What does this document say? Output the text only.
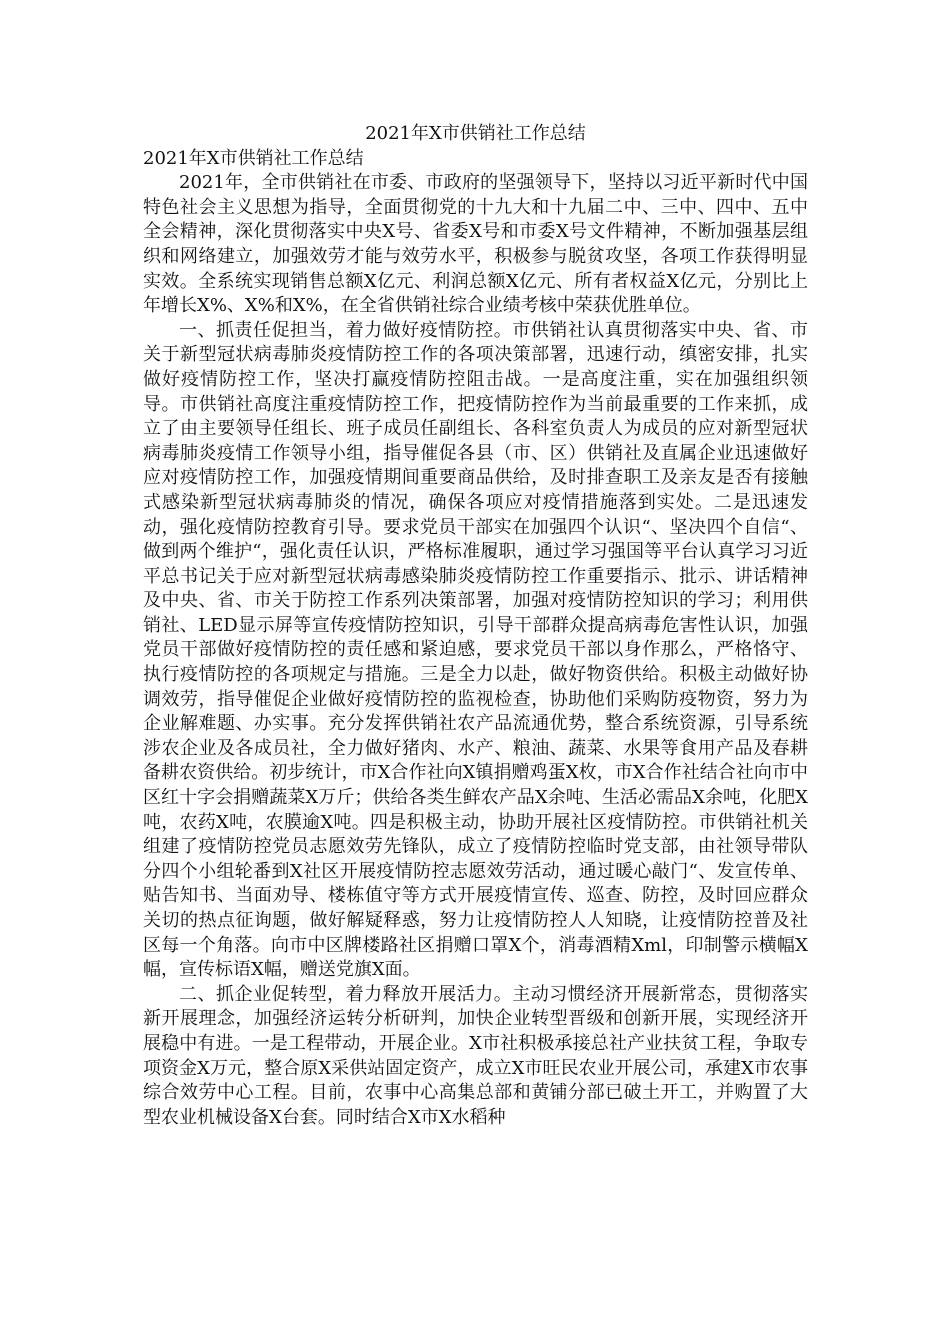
2021年X市供销社工作总结

2021年X市供销社工作总结

2021年，全市供销社在市委、市政府的坚强领导下，坚持以习近平新时代中国特色社会主义思想为指导，全面贯彻党的十九大和十九届二中、三中、四中、五中全会精神，深化贯彻落实中央X号、省委X号和市委X号文件精神，不断加强基层组织和网络建立，加强效劳才能与效劳水平，积极参与脱贫攻坚，各项工作获得明显实效。全系统实现销售总额X亿元、利润总额X亿元、所有者权益X亿元，分别比上年增长X%、X%和X%，在全省供销社综合业绩考核中荣获优胜单位。

一、抓责任促担当，着力做好疫情防控。市供销社认真贯彻落实中央、省、市关于新型冠状病毒肺炎疫情防控工作的各项决策部署，迅速行动，缜密安排，扎实做好疫情防控工作，坚决打赢疫情防控阻击战。一是高度注重，实在加强组织领导。市供销社高度注重疫情防控工作，把疫情防控作为当前最重要的工作来抓，成立了由主要领导任组长、班子成员任副组长、各科室负责人为成员的应对新型冠状病毒肺炎疫情工作领导小组，指导催促各县（市、区）供销社及直属企业迅速做好应对疫情防控工作，加强疫情期间重要商品供给，及时排查职工及亲友是否有接触式感染新型冠状病毒肺炎的情况，确保各项应对疫情措施落到实处。二是迅速发动，强化疫情防控教育引导。要求党员干部实在加强四个认识“、坚决四个自信“、做到两个维护“，强化责任认识，严格标准履职，通过学习强国等平台认真学习习近平总书记关于应对新型冠状病毒感染肺炎疫情防控工作重要指示、批示、讲话精神及中央、省、市关于防控工作系列决策部署，加强对疫情防控知识的学习；利用供销社、LED显示屏等宣传疫情防控知识，引导干部群众提高病毒危害性认识，加强党员干部做好疫情防控的责任感和紧迫感，要求党员干部以身作那么，严格恪守、执行疫情防控的各项规定与措施。三是全力以赴，做好物资供给。积极主动做好协调效劳，指导催促企业做好疫情防控的监视检查，协助他们采购防疫物资，努力为企业解难题、办实事。充分发挥供销社农产品流通优势，整合系统资源，引导系统涉农企业及各成员社，全力做好猪肉、水产、粮油、蔬菜、水果等食用产品及春耕备耕农资供给。初步统计，市X合作社向X镇捐赠鸡蛋X枚，市X合作社结合社向市中区红十字会捐赠蔬菜X万斤；供给各类生鲜农产品X余吨、生活必需品X余吨，化肥X吨，农药X吨，农膜逾X吨。四是积极主动，协助开展社区疫情防控。市供销社机关组建了疫情防控党员志愿效劳先锋队，成立了疫情防控临时党支部，由社领导带队分四个小组轮番到X社区开展疫情防控志愿效劳活动，通过暖心敲门“、发宣传单、贴告知书、当面劝导、楼栋值守等方式开展疫情宣传、巡查、防控，及时回应群众关切的热点征询题，做好解疑释惑，努力让疫情防控人人知晓，让疫情防控普及社区每一个角落。向市中区牌楼路社区捐赠口罩X个，消毒酒精Xml，印制警示横幅X幅，宣传标语X幅，赠送党旗X面。

二、抓企业促转型，着力释放开展活力。主动习惯经济开展新常态，贯彻落实新开展理念，加强经济运转分析研判，加快企业转型晋级和创新开展，实现经济开展稳中有进。一是工程带动，开展企业。X市社积极承接总社产业扶贫工程，争取专项资金X万元，整合原X采供站固定资产，成立X市旺民农业开展公司，承建X市农事综合效劳中心工程。目前，农事中心高集总部和黄铺分部已破土开工，并购置了大型农业机械设备X台套。同时结合X市X水稻种
